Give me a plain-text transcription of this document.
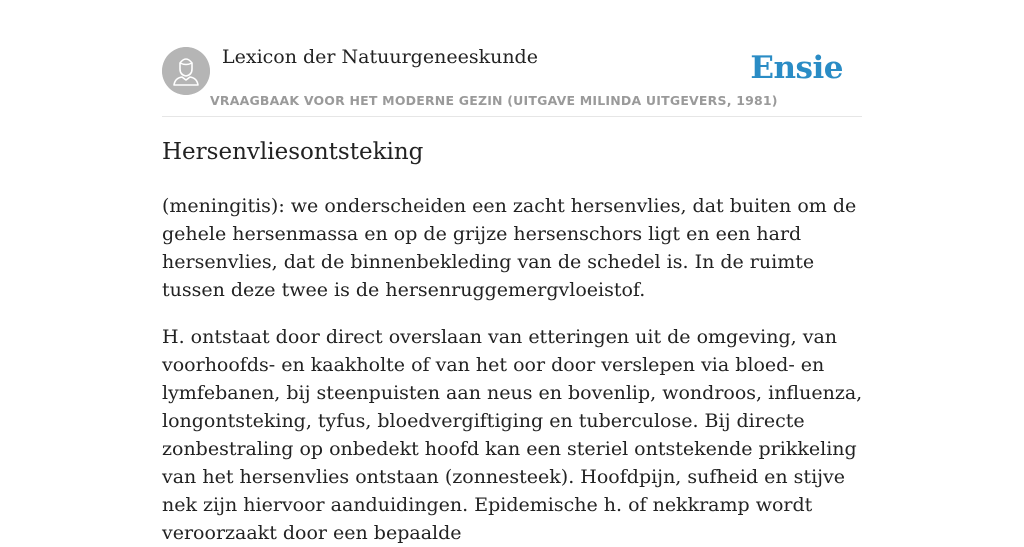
Lexicon der Natuurgeneeskunde
VRAAGBAAK VOOR HET MODERNE GEZIN (UITGAVE MILINDA UITGEVERS, 1981)
Ensie
Hersenvliesontsteking

(meningitis): we onderscheiden een zacht hersenvlies, dat buiten om de gehele hersenmassa en op de grijze hersenschors ligt en een hard hersenvlies, dat de binnenbekleding van de schedel is. In de ruimte tussen deze twee is de hersenruggemergvloeistof.

H. ontstaat door direct overslaan van etteringen uit de omgeving, van voorhoofds- en kaakholte of van het oor door verslepen via bloed- en lymfebanen, bij steenpuisten aan neus en bovenlip, wondroos, influenza, longontsteking, tyfus, bloedvergiftiging en tuberculose. Bij directe zonbestraling op onbedekt hoofd kan een steriel ontstekende prikkeling van het hersenvlies ontstaan (zonnesteek). Hoofdpijn, sufheid en stijve nek zijn hiervoor aanduidingen. Epidemische h. of nekkramp wordt veroorzaakt door een bepaalde
